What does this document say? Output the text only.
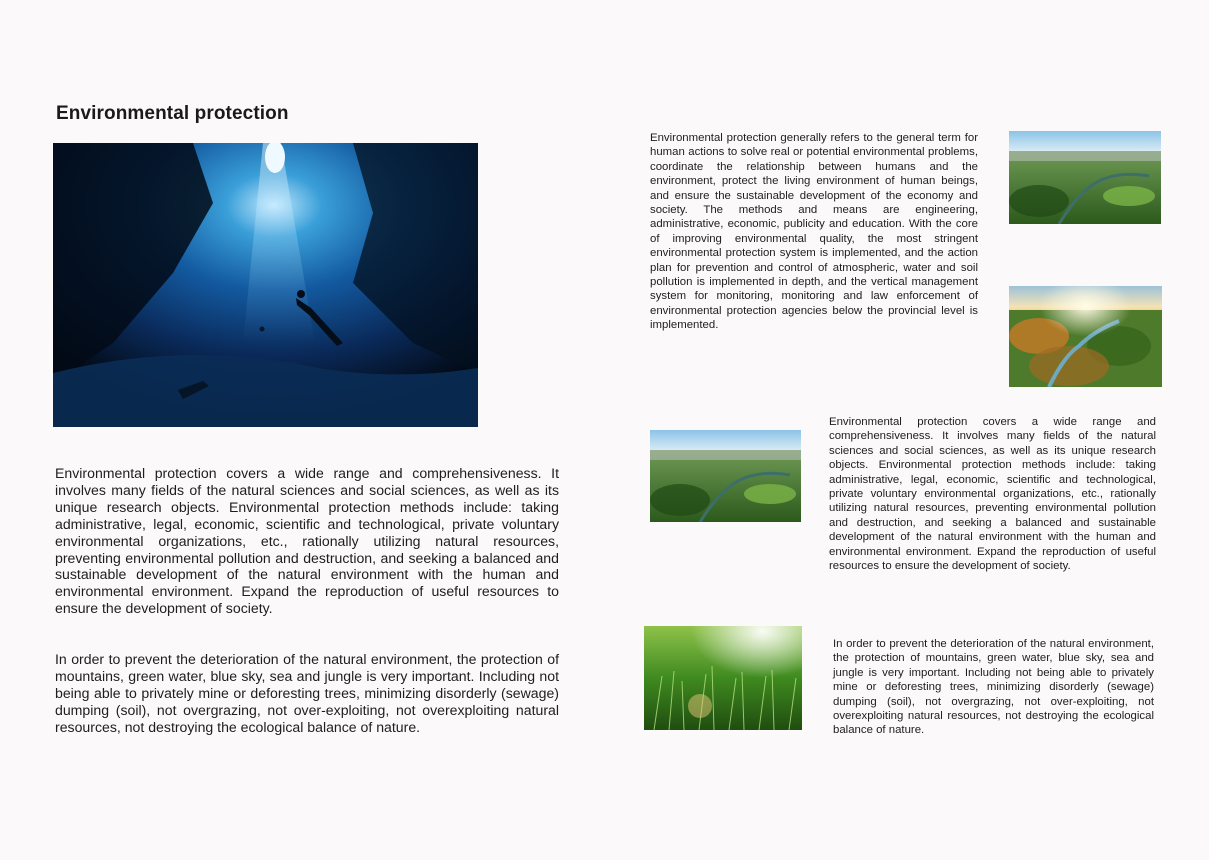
Environmental protection

Environmental protection covers a wide range and comprehensiveness. It involves many fields of the natural sciences and social sciences, as well as its unique research objects. Environmental protection methods include: taking administrative, legal, economic, scientific and technological, private voluntary environmental organizations, etc., rationally utilizing natural resources, preventing environmental pollution and destruction, and seeking a balanced and sustainable development of the natural environment with the human and environmental environment. Expand the reproduction of useful resources to ensure the development of society.

In order to prevent the deterioration of the natural environment, the protection of mountains, green water, blue sky, sea and jungle is very important. Including not being able to privately mine or deforesting trees, minimizing disorderly (sewage) dumping (soil), not overgrazing, not over-exploiting, not overexploiting natural resources, not destroying the ecological balance of nature.

Environmental protection generally refers to the general term for human actions to solve real or potential environmental problems, coordinate the relationship between humans and the environment, protect the living environment of human beings, and ensure the sustainable development of the economy and society. The methods and means are engineering, administrative, economic, publicity and education. With the core of improving environmental quality, the most stringent environmental protection system is implemented, and the action plan for prevention and control of atmospheric, water and soil pollution is implemented in depth, and the vertical management system for monitoring, monitoring and law enforcement of environmental protection agencies below the provincial level is implemented.

Environmental protection covers a wide range and comprehensiveness. It involves many fields of the natural sciences and social sciences, as well as its unique research objects. Environmental protection methods include: taking administrative, legal, economic, scientific and technological, private voluntary environmental organizations, etc., rationally utilizing natural resources, preventing environmental pollution and destruction, and seeking a balanced and sustainable development of the natural environment with the human and environmental environment. Expand the reproduction of useful resources to ensure the development of society.

In order to prevent the deterioration of the natural environment, the protection of mountains, green water, blue sky, sea and jungle is very important. Including not being able to privately mine or deforesting trees, minimizing disorderly (sewage) dumping (soil), not overgrazing, not over-exploiting, not overexploiting natural resources, not destroying the ecological balance of nature.
